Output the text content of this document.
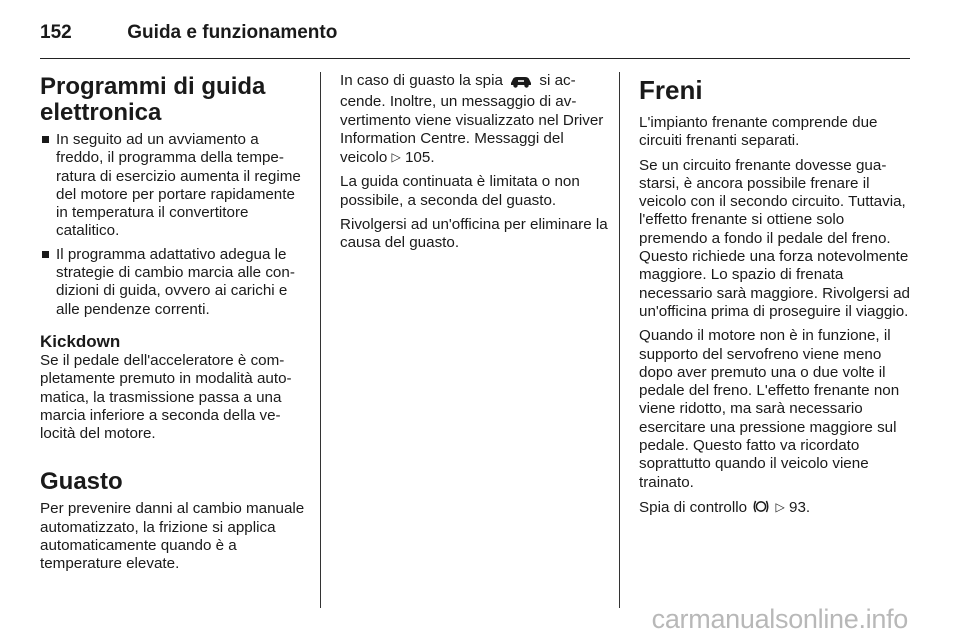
152	Guida e funzionamento
Programmi di guida elettronica
In seguito ad un avviamento a freddo, il programma della temperatura di esercizio aumenta il regime del motore per portare rapidamente in temperatura il convertitore catalitico.
Il programma adattativo adegua le strategie di cambio marcia alle condizioni di guida, ovvero ai carichi e alle pendenze correnti.
Kickdown

Se il pedale dell'acceleratore è completamente premuto in modalità automatica, la trasmissione passa a una marcia inferiore a seconda della velocità del motore.

Guasto

Per prevenire danni al cambio manuale automatizzato, la frizione si applica automaticamente quando è a temperature elevate.

In caso di guasto la spia si accende. Inoltre, un messaggio di avvertimento viene visualizzato nel Driver Information Centre. Messaggi del veicolo ▷ 105.

La guida continuata è limitata o non possibile, a seconda del guasto.

Rivolgersi ad un'officina per eliminare la causa del guasto.

Freni

L'impianto frenante comprende due circuiti frenanti separati.

Se un circuito frenante dovesse guastarsi, è ancora possibile frenare il veicolo con il secondo circuito. Tuttavia, l'effetto frenante si ottiene solo premendo a fondo il pedale del freno. Questo richiede una forza notevolmente maggiore. Lo spazio di frenata necessario sarà maggiore. Rivolgersi ad un'officina prima di proseguire il viaggio.

Quando il motore non è in funzione, il supporto del servofreno viene meno dopo aver premuto una o due volte il pedale del freno. L'effetto frenante non viene ridotto, ma sarà necessario esercitare una pressione maggiore sul pedale. Questo fatto va ricordato soprattutto quando il veicolo viene trainato.

Spia di controllo ▷ 93.

carmanualsonline.info
